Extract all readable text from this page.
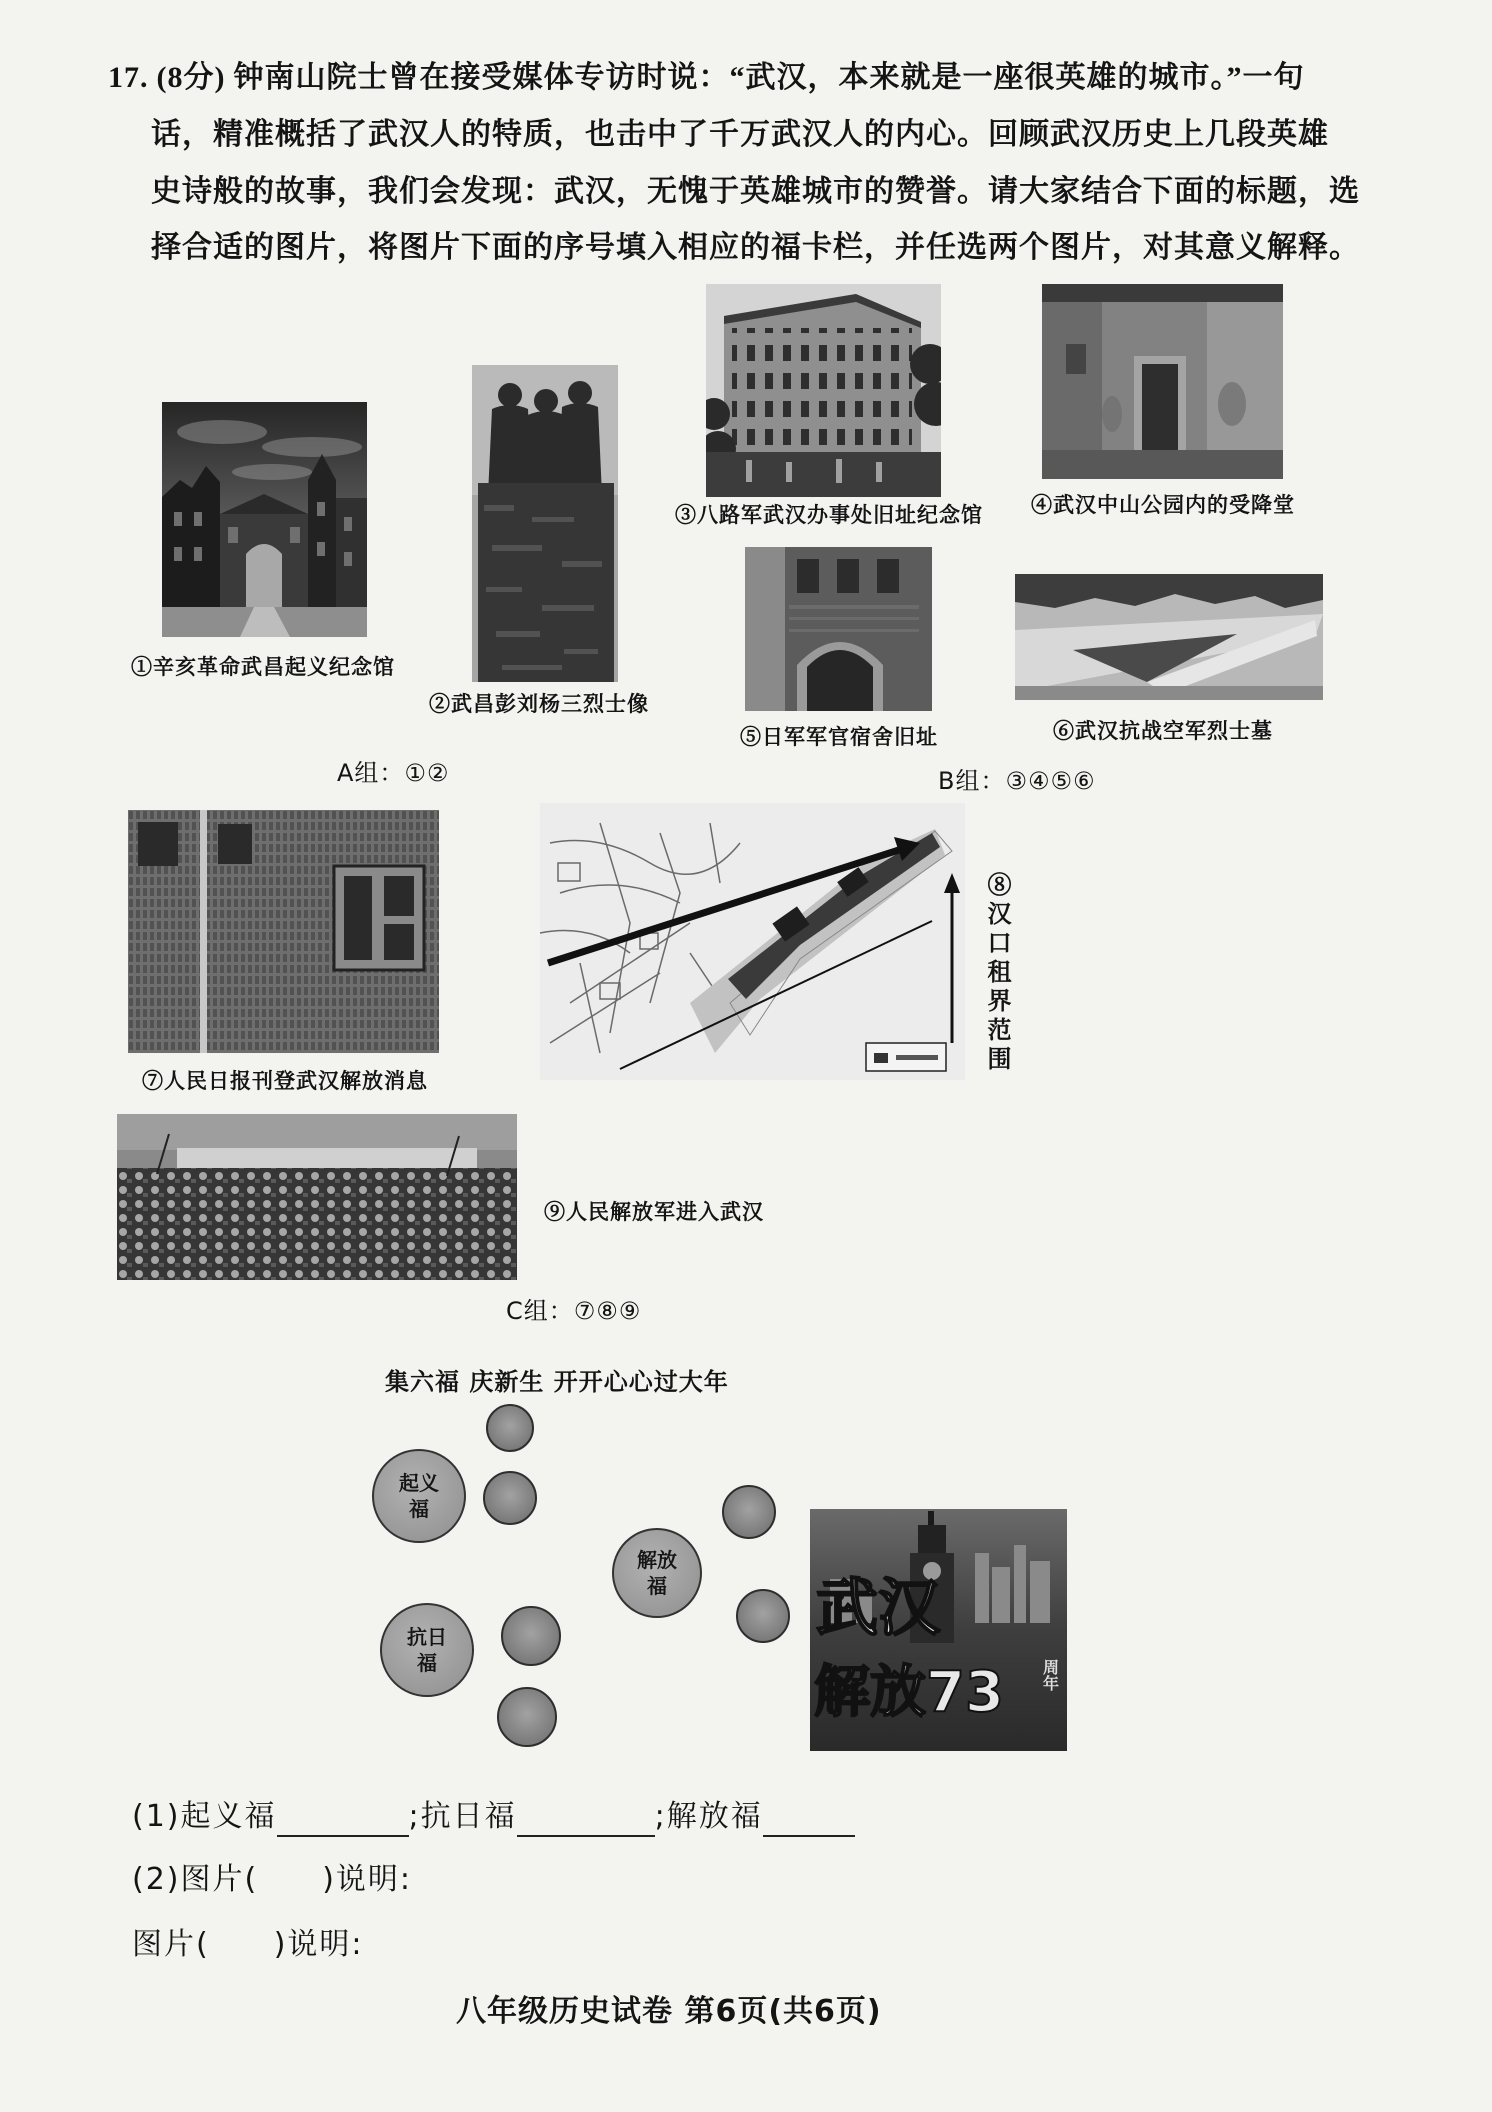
17. (8分) 钟南山院士曾在接受媒体专访时说：“武汉，本来就是一座很英雄的城市。”一句
话，精准概括了武汉人的特质，也击中了千万武汉人的内心。回顾武汉历史上几段英雄
史诗般的故事，我们会发现：武汉，无愧于英雄城市的赞誉。请大家结合下面的标题，选
择合适的图片，将图片下面的序号填入相应的福卡栏，并任选两个图片，对其意义解释。
①辛亥革命武昌起义纪念馆
②武昌彭刘杨三烈士像
③八路军武汉办事处旧址纪念馆 ④武汉中山公园内的受降堂
⑤日军军官宿舍旧址	⑥武汉抗战空军烈士墓
A组：①②	B组：③④⑤⑥
⑦人民日报刊登武汉解放消息
⑧汉口租界范围
⑨人民解放军进入武汉
C组：⑦⑧⑨
集六福 庆新生 开开心心过大年
起义福
解放福
抗日福
武汉
解放73 周年
(1)起义福	;抗日福	;解放福
(2)图片(　　)说明:
图片(　　)说明:
八年级历史试卷 第6页(共6页)
